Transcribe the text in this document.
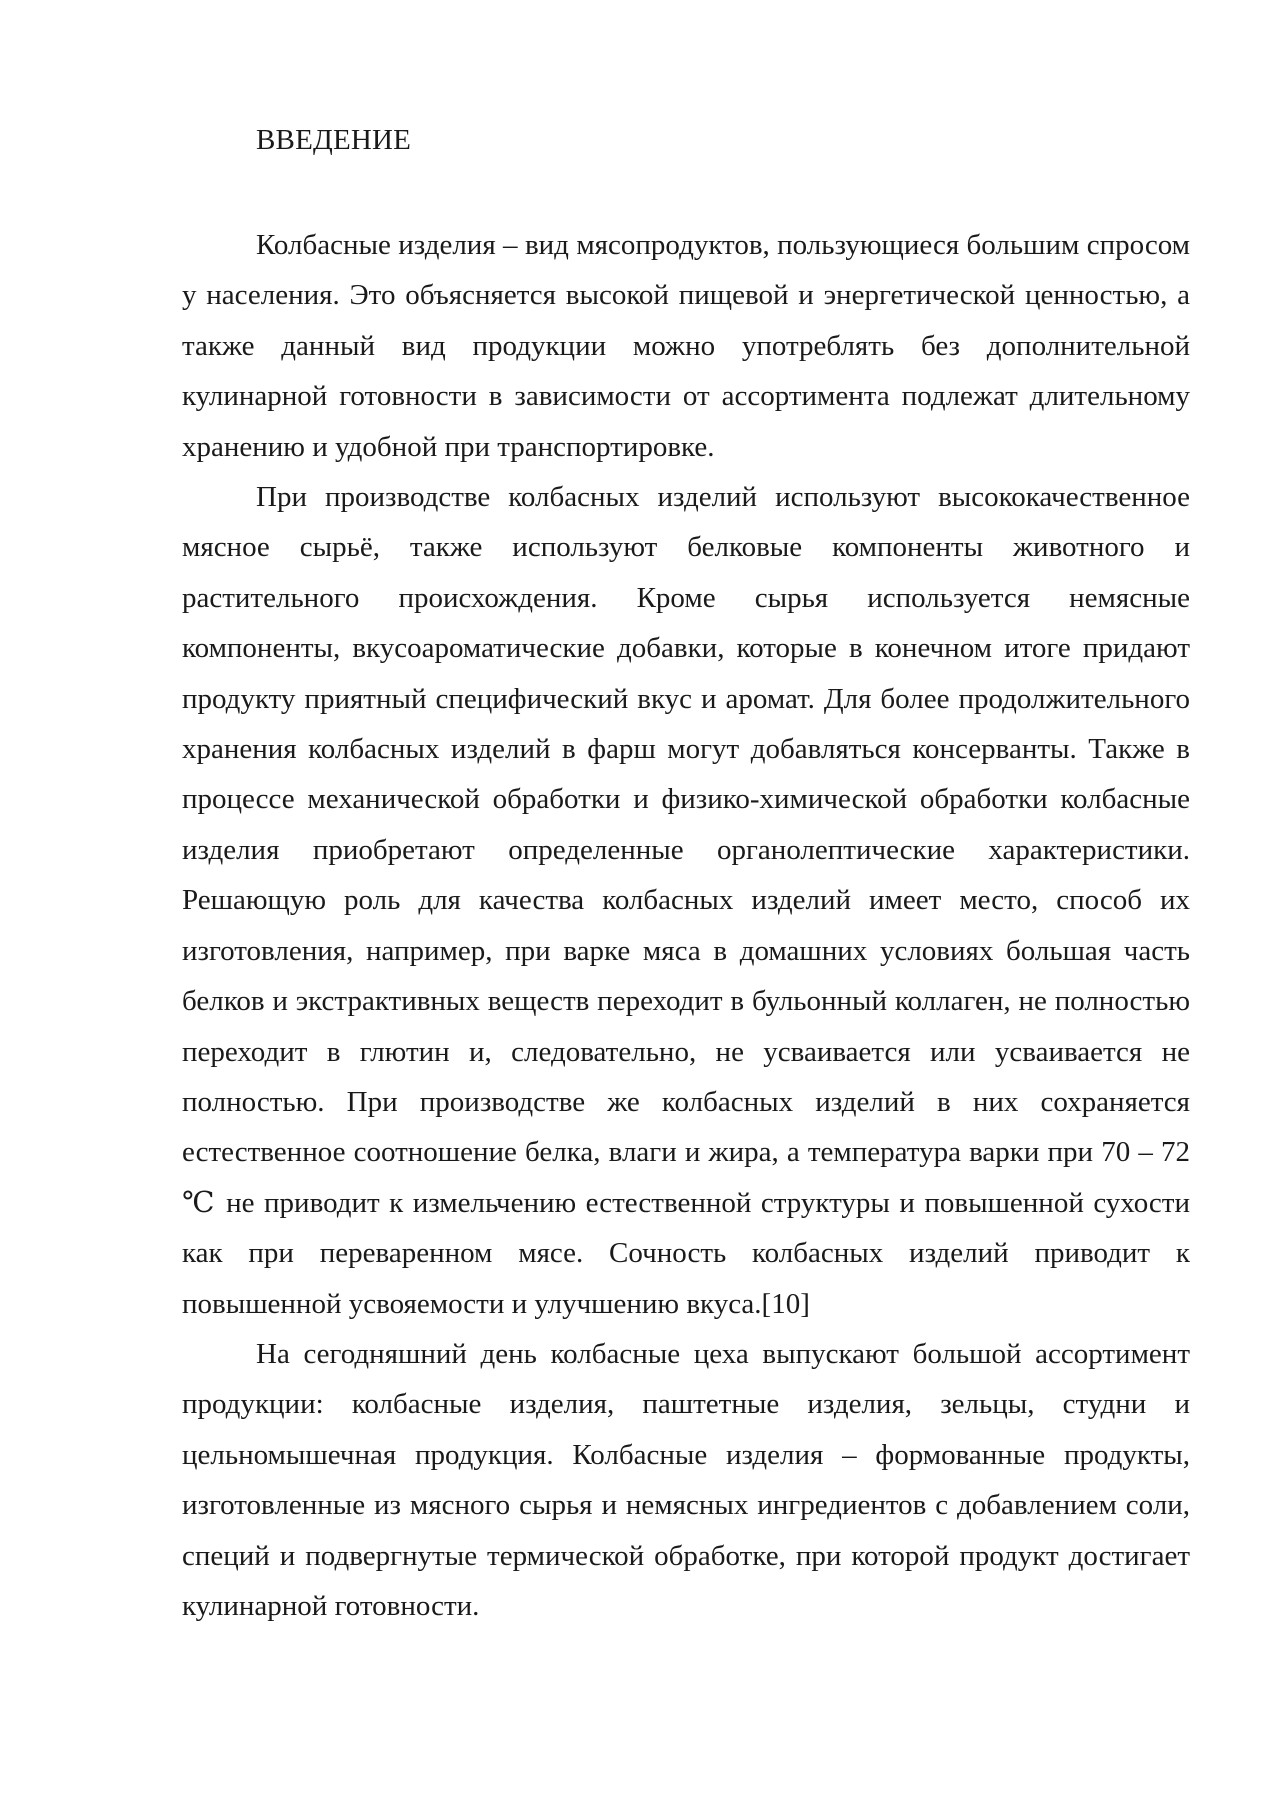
ВВЕДЕНИЕ

Колбасные изделия – вид мясопродуктов, пользующиеся большим спросом у населения. Это объясняется высокой пищевой и энергетической ценностью, а также данный вид продукции можно употреблять без дополнительной кулинарной готовности в зависимости от ассортимента подлежат длительному хранению и удобной при транспортировке.

При производстве колбасных изделий используют высококачественное мясное сырьё, также используют белковые компоненты животного и растительного происхождения. Кроме сырья используется немясные компоненты, вкусоароматические добавки, которые в конечном итоге придают продукту приятный специфический вкус и аромат. Для более продолжительного хранения колбасных изделий в фарш могут добавляться консерванты. Также в процессе механической обработки и физико-химической обработки колбасные изделия приобретают определенные органолептические характеристики. Решающую роль для качества колбасных изделий имеет место, способ их изготовления, например, при варке мяса в домашних условиях большая часть белков и экстрактивных веществ переходит в бульонный коллаген, не полностью переходит в глютин и, следовательно, не усваивается или усваивается не полностью. При производстве же колбасных изделий в них сохраняется естественное соотношение белка, влаги и жира, а температура варки при 70 – 72 ℃ не приводит к измельчению естественной структуры и повышенной сухости как при переваренном мясе. Сочность колбасных изделий приводит к повышенной усвояемости и улучшению вкуса.[10]

На сегодняшний день колбасные цеха выпускают большой ассортимент продукции: колбасные изделия, паштетные изделия, зельцы, студни и цельномышечная продукция. Колбасные изделия – формованные продукты, изготовленные из мясного сырья и немясных ингредиентов с добавлением соли, специй и подвергнутые термической обработке, при которой продукт достигает кулинарной готовности.
